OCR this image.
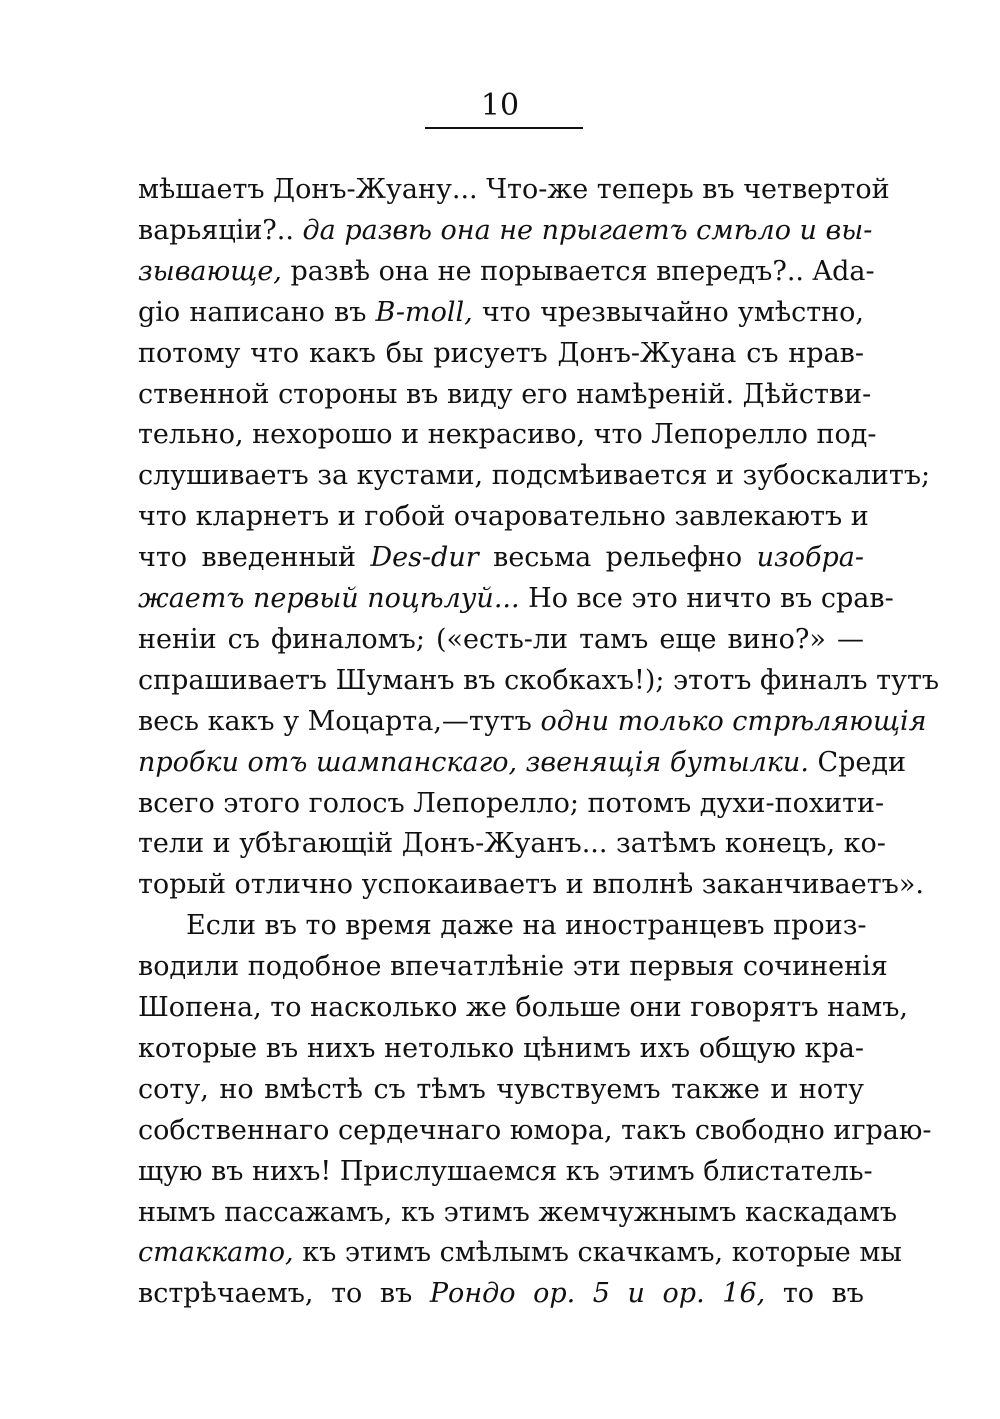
10
мѣшаетъ Донъ-Жуану... Что-же теперь въ четвертой
варьяціи?.. да развѣ она не прыгаетъ смѣло и вы-
зывающе, развѣ она не порывается впередъ?.. Ada-
gio написано въ B-moll, что чрезвычайно умѣстно,
потому что какъ бы рисуетъ Донъ-Жуана съ нрав-
ственной стороны въ виду его намѣреній. Дѣйстви-
тельно, нехорошо и некрасиво, что Лепорелло под-
слушиваетъ за кустами, подсмѣивается и зубоскалитъ;
что кларнетъ и гобой очаровательно завлекаютъ и
что введенный Des-dur весьма рельефно изобра-
жаетъ первый поцѣлуй... Но все это ничто въ срав-
неніи съ финаломъ; («есть-ли тамъ еще вино?» —
спрашиваетъ Шуманъ въ скобкахъ!); этотъ финалъ тутъ
весь какъ у Моцарта,—тутъ одни только стрѣляющія
пробки отъ шампанскаго, звенящія бутылки. Среди
всего этого голосъ Лепорелло; потомъ духи-похити-
тели и убѣгающій Донъ-Жуанъ... затѣмъ конецъ, ко-
торый отлично успокаиваетъ и вполнѣ заканчиваетъ».
Если въ то время даже на иностранцевъ произ-
водили подобное впечатлѣніе эти первыя сочиненія
Шопена, то насколько же больше они говорятъ намъ,
которые въ нихъ нетолько цѣнимъ ихъ общую кра-
соту, но вмѣстѣ съ тѣмъ чувствуемъ также и ноту
собственнаго сердечнаго юмора, такъ свободно играю-
щую въ нихъ! Прислушаемся къ этимъ блистатель-
нымъ пассажамъ, къ этимъ жемчужнымъ каскадамъ
стаккато, къ этимъ смѣлымъ скачкамъ, которые мы
встрѣчаемъ, то въ Рондо ор. 5 и ор. 16, то въ
